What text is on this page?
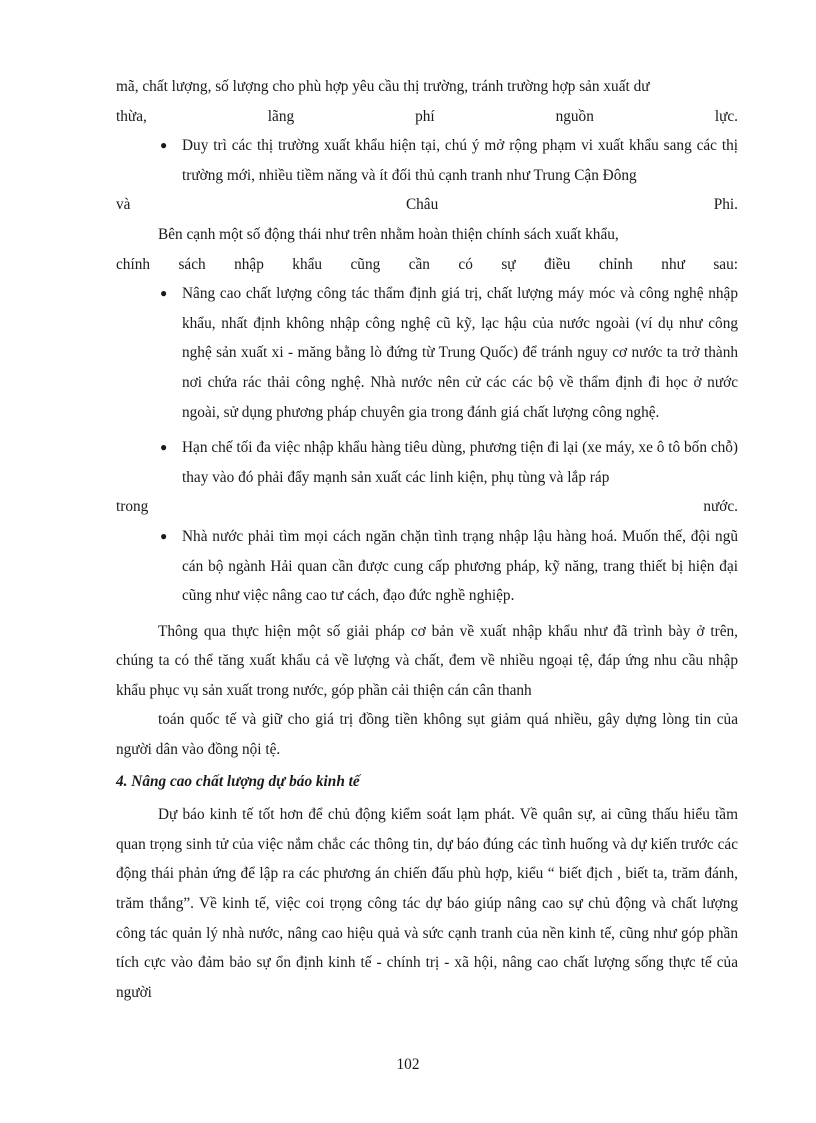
mã, chất lượng, số lượng cho phù hợp yêu cầu thị trường, tránh trường hợp sản xuất dư
thừa, lãng phí nguồn lực.

● Duy trì các thị trường xuất khẩu hiện tại, chú ý mở rộng phạm vi xuất khẩu sang các thị trường mới, nhiều tiềm năng và ít đối thủ cạnh tranh như Trung Cận Đông

và Châu Phi.

Bên cạnh một số động thái như trên nhằm hoàn thiện chính sách xuất khẩu,

chính sách nhập khẩu cũng cần có sự điều chỉnh như sau:

● Nâng cao chất lượng công tác thẩm định giá trị, chất lượng máy móc và công nghệ nhập khẩu, nhất định không nhập công nghệ cũ kỹ, lạc hậu của nước ngoài (ví dụ như công nghệ sản xuất xi - măng bằng lò đứng từ Trung Quốc) để tránh nguy cơ nước ta trở thành nơi chứa rác thải công nghệ. Nhà nước nên cử các các bộ về thẩm định đi học ở nước ngoài, sử dụng phương pháp chuyên gia trong đánh giá chất lượng công nghệ.

● Hạn chế tối đa việc nhập khẩu hàng tiêu dùng, phương tiện đi lại (xe máy, xe ô tô bốn chỗ) thay vào đó phải đẩy mạnh sản xuất các linh kiện, phụ tùng và lắp ráp

trong nước.

● Nhà nước phải tìm mọi cách ngăn chặn tình trạng nhập lậu hàng hoá. Muốn thế, đội ngũ cán bộ ngành Hải quan cần được cung cấp phương pháp, kỹ năng, trang thiết bị hiện đại cũng như việc nâng cao tư cách, đạo đức nghề nghiệp.

Thông qua thực hiện một số giải pháp cơ bản về xuất nhập khẩu như đã trình bày ở trên, chúng ta có thể tăng xuất khẩu cả về lượng và chất, đem về nhiều ngoại tệ, đáp ứng nhu cầu nhập khẩu phục vụ sản xuất trong nước, góp phần cải thiện cán cân thanh

toán quốc tế và giữ cho giá trị đồng tiền không sụt giảm quá nhiều, gây dựng lòng tin của người dân vào đồng nội tệ.

4. Nâng cao chất lượng dự báo kinh tế

Dự báo kinh tế tốt hơn để chủ động kiểm soát lạm phát. Về quân sự, ai cũng thấu hiểu tầm quan trọng sinh tử của việc nắm chắc các thông tin, dự báo đúng các tình huống và dự kiến trước các động thái phản ứng để lập ra các phương án chiến đấu phù hợp, kiểu “ biết địch , biết ta, trăm đánh, trăm thắng”. Về kinh tế, việc coi trọng công tác dự báo giúp nâng cao sự chủ động và chất lượng công tác quản lý nhà nước, nâng cao hiệu quả và sức cạnh tranh của nền kinh tế, cũng như góp phần tích cực vào đảm bảo sự ổn định kinh tế - chính trị - xã hội, nâng cao chất lượng sống thực tế của người

102
